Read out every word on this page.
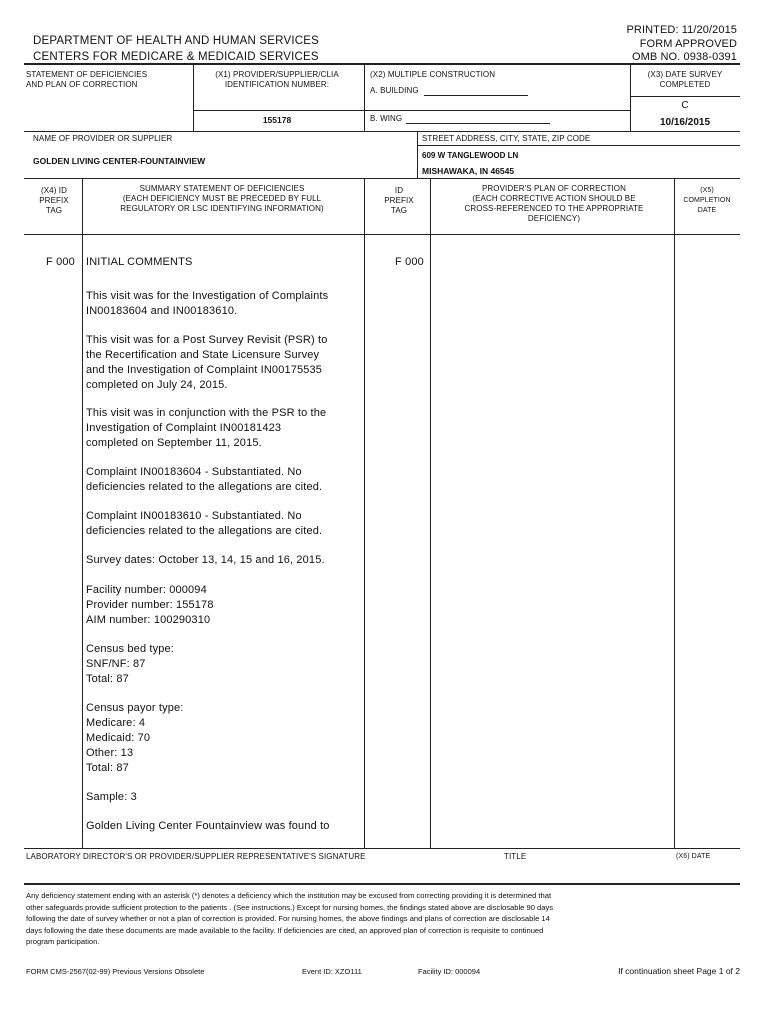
DEPARTMENT OF HEALTH AND HUMAN SERVICES
CENTERS FOR MEDICARE & MEDICAID SERVICES
PRINTED: 11/20/2015
FORM APPROVED
OMB NO. 0938-0391
STATEMENT OF DEFICIENCIES
AND PLAN OF CORRECTION
(X1) PROVIDER/SUPPLIER/CLIA
IDENTIFICATION NUMBER:
155178
(X2) MULTIPLE CONSTRUCTION
A. BUILDING
B. WING
(X3) DATE SURVEY
COMPLETED
C
10/16/2015
NAME OF PROVIDER OR SUPPLIER
GOLDEN LIVING CENTER-FOUNTAINVIEW
STREET ADDRESS, CITY, STATE, ZIP CODE
609 W TANGLEWOOD LN
MISHAWAKA, IN 46545
(X4) ID
PREFIX
TAG
SUMMARY STATEMENT OF DEFICIENCIES
(EACH DEFICIENCY MUST BE PRECEDED BY FULL
REGULATORY OR LSC IDENTIFYING INFORMATION)
ID
PREFIX
TAG
PROVIDER'S PLAN OF CORRECTION
(EACH CORRECTIVE ACTION SHOULD BE
CROSS-REFERENCED TO THE APPROPRIATE
DEFICIENCY)
(X5)
COMPLETION
DATE
F 000 INITIAL COMMENTS	F 000
This visit was for the Investigation of Complaints
IN00183604 and IN00183610.
This visit was for a Post Survey Revisit (PSR) to
the Recertification and State Licensure Survey
and the Investigation of Complaint IN00175535
completed on July 24, 2015.
This visit was in conjunction with the PSR to the
Investigation of Complaint IN00181423
completed on September 11, 2015.
Complaint IN00183604 - Substantiated. No
deficiencies related to the allegations are cited.
Complaint IN00183610 - Substantiated. No
deficiencies related to the allegations are cited.
Survey dates: October 13, 14, 15 and 16, 2015.
Facility number: 000094
Provider number: 155178
AIM number: 100290310
Census bed type:
SNF/NF: 87
Total: 87
Census payor type:
Medicare: 4
Medicaid: 70
Other: 13
Total: 87
Sample: 3
Golden Living Center Fountainview was found to
LABORATORY DIRECTOR'S OR PROVIDER/SUPPLIER REPRESENTATIVE'S SIGNATURE	TITLE	(X6) DATE
Any deficiency statement ending with an asterisk (*) denotes a deficiency which the institution may be excused from correcting providing it is determined that
other safeguards provide sufficient protection to the patients . (See instructions.) Except for nursing homes, the findings stated above are disclosable 90 days
following the date of survey whether or not a plan of correction is provided. For nursing homes, the above findings and plans of correction are disclosable 14
days following the date these documents are made available to the facility. If deficiencies are cited, an approved plan of correction is requisite to continued
program participation.
FORM CMS-2567(02-99) Previous Versions Obsolete	Event ID: XZO111	Facility ID: 000094	If continuation sheet Page 1 of 2
